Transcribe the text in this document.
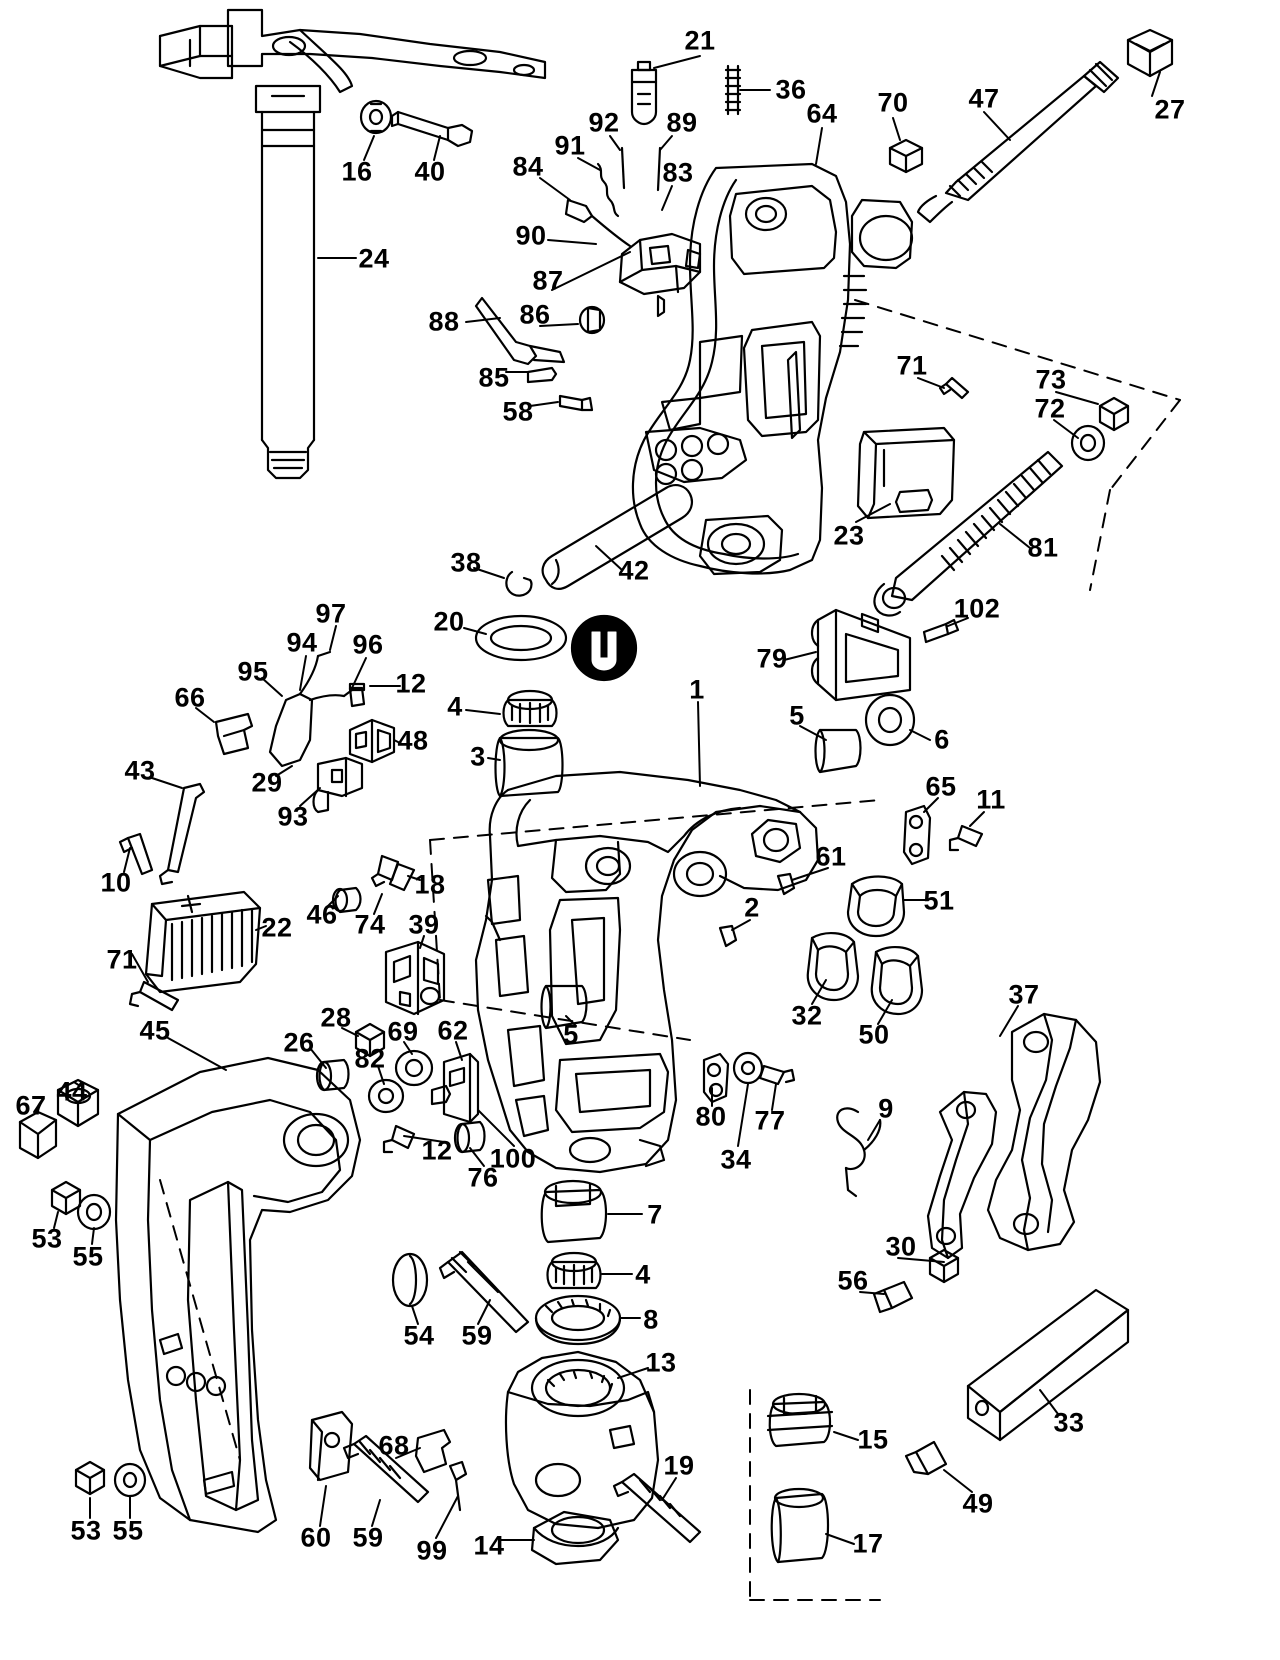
21
36
27
47
70
64
92 89
16 40
91
83
84
90
24
87
88 86
85
58
71	73
72
23	81
38	42
102
97	20
94 96	79
95	12
66	1
4	5
6
3
29
48
93
43
65 11
10	18
61
51
22 46 74 39
2
71
32
50
37
28
26	69 62
45	5
82
44
67	80 77	9
12 100
76
34
53
55
7
4
30
56
8
54 59
13
33
68	15
19
49
53 55	60 59 99 14	17
